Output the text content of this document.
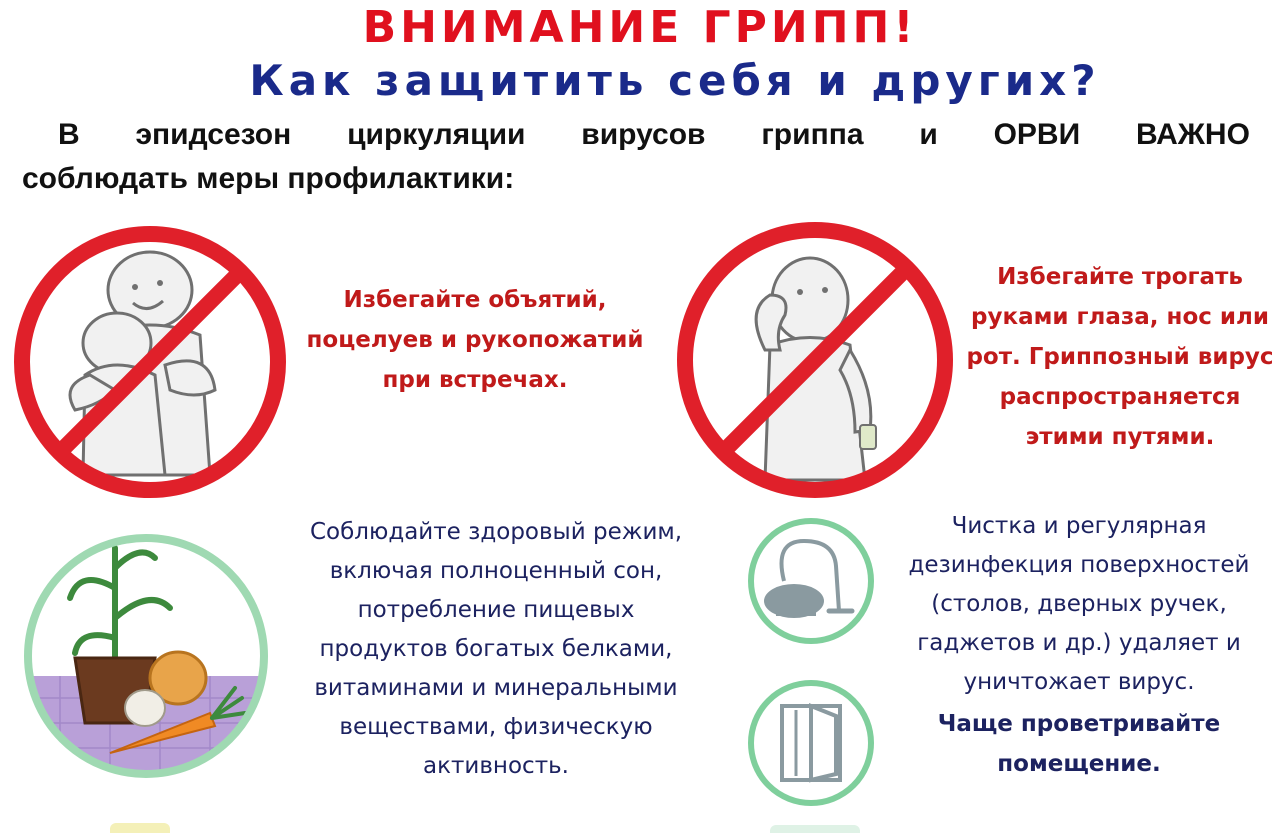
ВНИМАНИЕ ГРИПП!
Как защитить себя и других?
В эпидсезон циркуляции вирусов гриппа и ОРВИ ВАЖНО
соблюдать меры профилактики:
Избегайте объятий,
поцелуев и рукопожатий
при встречах.
Избегайте трогать
руками глаза, нос или
рот. Гриппозный вирус
распространяется
этими путями.
Соблюдайте здоровый режим,
включая полноценный сон,
потребление пищевых
продуктов богатых белками,
витаминами и минеральными
веществами, физическую
активность.
Чистка и регулярная
дезинфекция поверхностей
(столов, дверных ручек,
гаджетов и др.) удаляет и
уничтожает вирус.
Чаще проветривайте
помещение.
